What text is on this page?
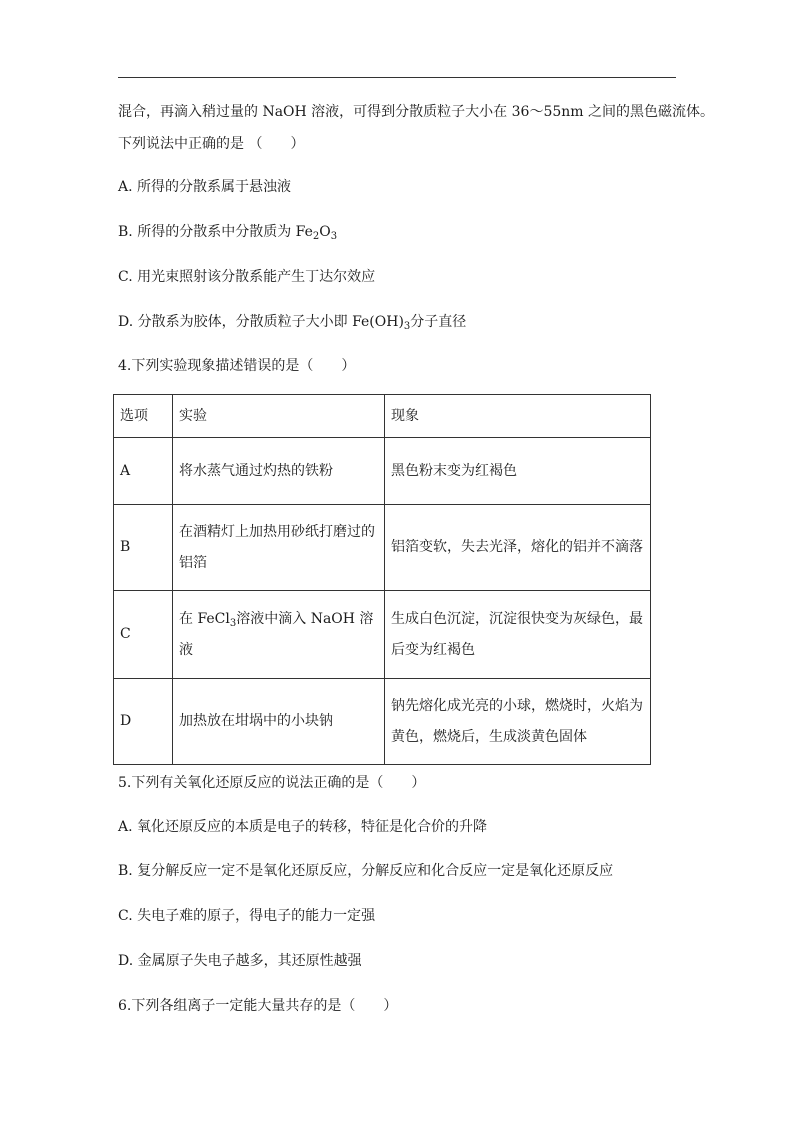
混合，再滴入稍过量的 NaOH 溶液，可得到分散质粒子大小在 36～55nm 之间的黑色磁流体。
下列说法中正确的是 （　　）
A. 所得的分散系属于悬浊液
B. 所得的分散系中分散质为 $Fe_2O_3$
C. 用光束照射该分散系能产生丁达尔效应
D. 分散系为胶体，分散质粒子大小即 $Fe(OH)_3$分子直径
4.下列实验现象描述错误的是（　　）
选项	实验	现象
A	将水蒸气通过灼热的铁粉	黑色粉末变为红褐色
B	在酒精灯上加热用砂纸打磨过的铝箔	铝箔变软，失去光泽，熔化的铝并不滴落
C	在 FeCl$_3$溶液中滴入 NaOH 溶液	生成白色沉淀，沉淀很快变为灰绿色，最后变为红褐色
D	加热放在坩埚中的小块钠	钠先熔化成光亮的小球，燃烧时，火焰为黄色，燃烧后，生成淡黄色固体
5.下列有关氧化还原反应的说法正确的是（　　）
A. 氧化还原反应的本质是电子的转移，特征是化合价的升降
B. 复分解反应一定不是氧化还原反应，分解反应和化合反应一定是氧化还原反应
C. 失电子难的原子，得电子的能力一定强
D. 金属原子失电子越多，其还原性越强
6.下列各组离子一定能大量共存的是（　　）
